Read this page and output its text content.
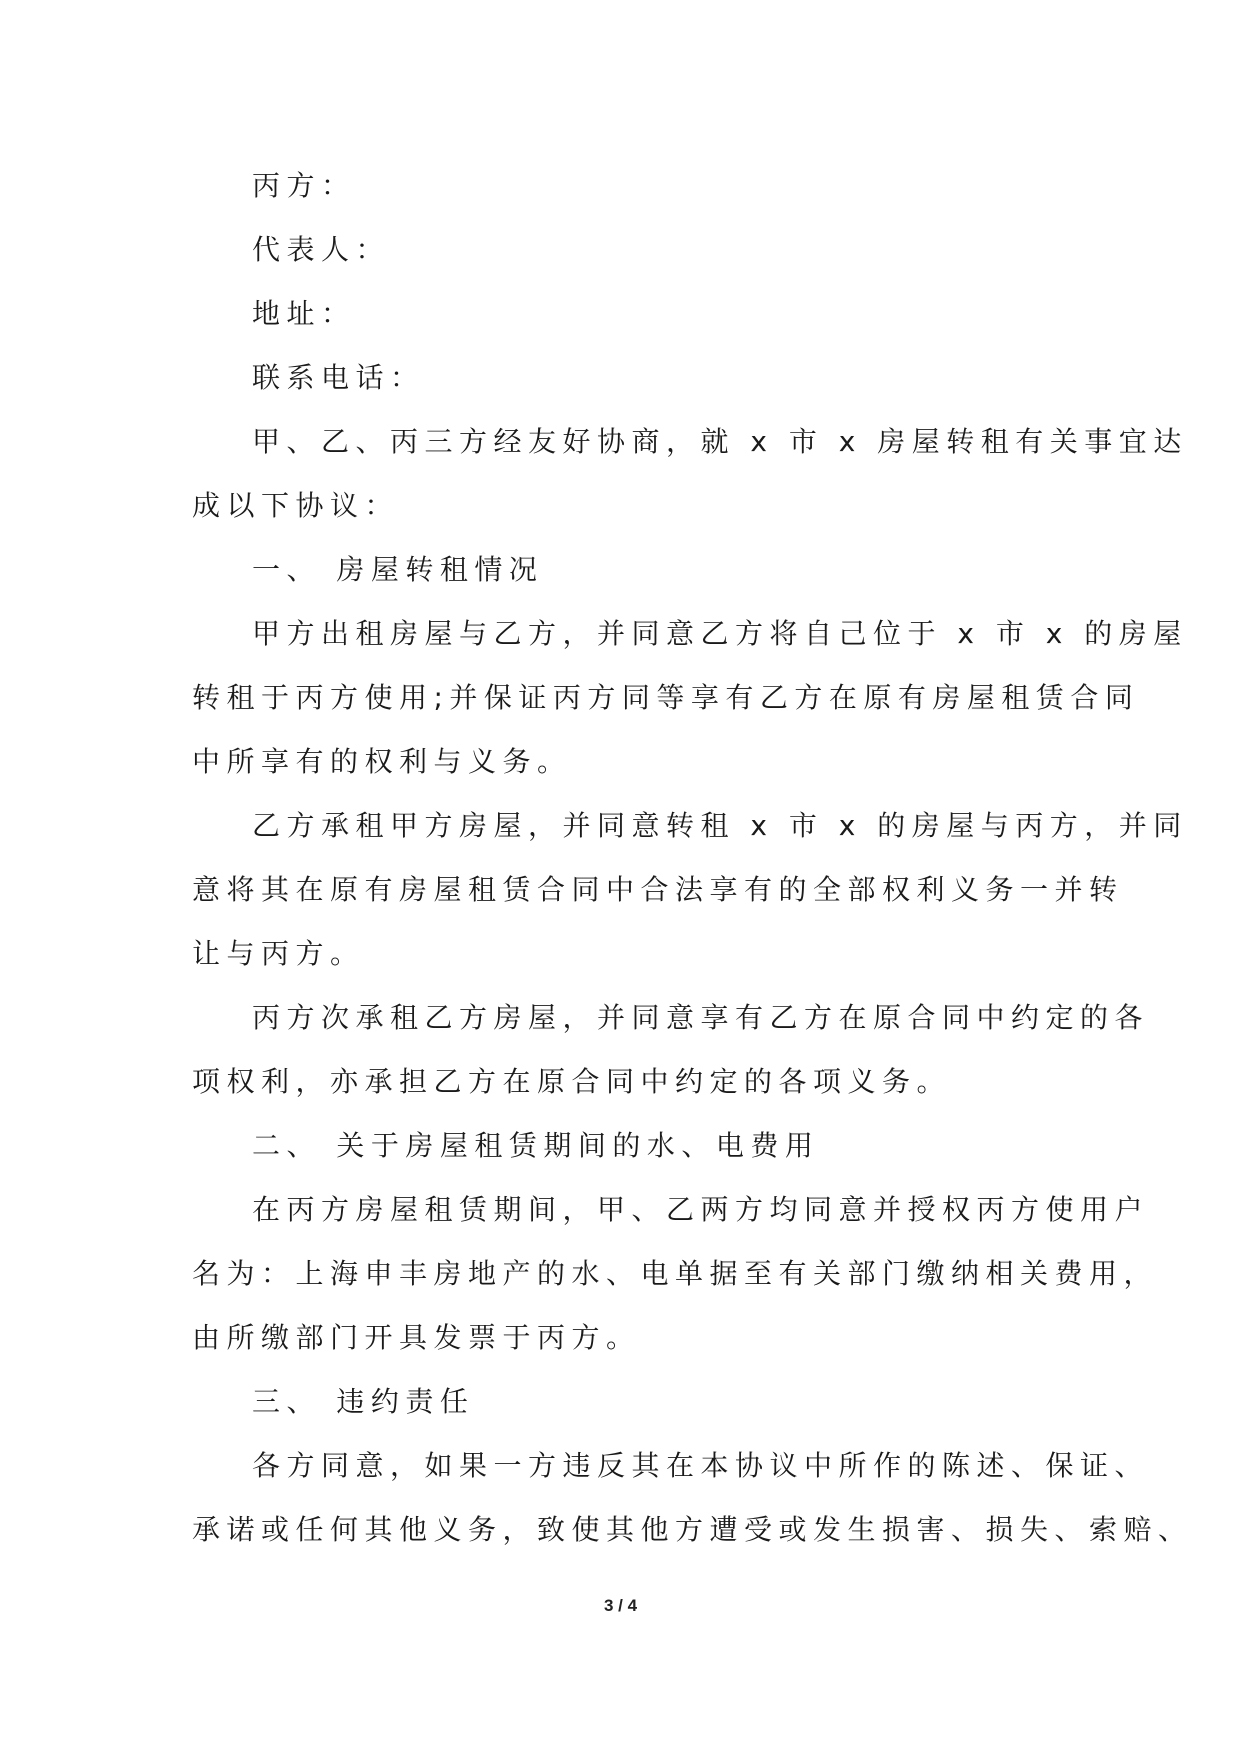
丙方：
代表人：
地址：
联系电话：
甲、乙、丙三方经友好协商，就 x 市 x 房屋转租有关事宜达
成以下协议：
一、 房屋转租情况
甲方出租房屋与乙方，并同意乙方将自己位于 x 市 x 的房屋
转租于丙方使用;并保证丙方同等享有乙方在原有房屋租赁合同
中所享有的权利与义务。
乙方承租甲方房屋，并同意转租 x 市 x 的房屋与丙方，并同
意将其在原有房屋租赁合同中合法享有的全部权利义务一并转
让与丙方。
丙方次承租乙方房屋，并同意享有乙方在原合同中约定的各
项权利，亦承担乙方在原合同中约定的各项义务。
二、 关于房屋租赁期间的水、电费用
在丙方房屋租赁期间，甲、乙两方均同意并授权丙方使用户
名为：上海申丰房地产的水、电单据至有关部门缴纳相关费用，
由所缴部门开具发票于丙方。
三、 违约责任
各方同意，如果一方违反其在本协议中所作的陈述、保证、
承诺或任何其他义务，致使其他方遭受或发生损害、损失、索赔、
3 / 4
